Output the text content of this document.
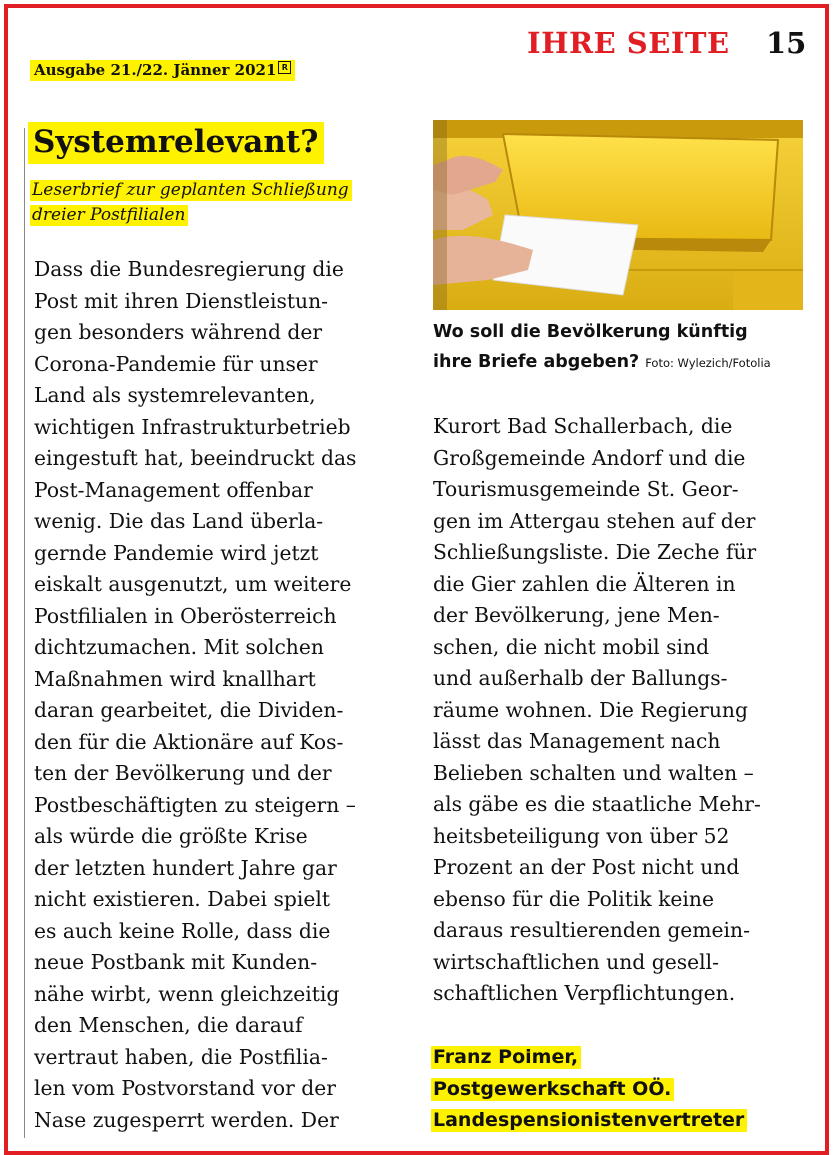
Ausgabe 21./22. Jänner 2021 R
IHRE SEITE 15
Systemrelevant?
Leserbrief zur geplanten Schließung
dreier Postfilialen
Dass die Bundesregierung die
Post mit ihren Dienstleistun-
gen besonders während der
Corona-Pandemie für unser
Land als systemrelevanten,
wichtigen Infrastrukturbetrieb
eingestuft hat, beeindruckt das
Post-Management offenbar
wenig. Die das Land überla-
gernde Pandemie wird jetzt
eiskalt ausgenutzt, um weitere
Postfilialen in Oberösterreich
dichtzumachen. Mit solchen
Maßnahmen wird knallhart
daran gearbeitet, die Dividen-
den für die Aktionäre auf Kos-
ten der Bevölkerung und der
Postbeschäftigten zu steigern –
als würde die größte Krise
der letzten hundert Jahre gar
nicht existieren. Dabei spielt
es auch keine Rolle, dass die
neue Postbank mit Kunden-
nähe wirbt, wenn gleichzeitig
den Menschen, die darauf
vertraut haben, die Postfilia-
len vom Postvorstand vor der
Nase zugesperrt werden. Der
Wo soll die Bevölkerung künftig
ihre Briefe abgeben? Foto: Wylezich/Fotolia
Kurort Bad Schallerbach, die
Großgemeinde Andorf und die
Tourismusgemeinde St. Geor-
gen im Attergau stehen auf der
Schließungsliste. Die Zeche für
die Gier zahlen die Älteren in
der Bevölkerung, jene Men-
schen, die nicht mobil sind
und außerhalb der Ballungs-
räume wohnen. Die Regierung
lässt das Management nach
Belieben schalten und walten –
als gäbe es die staatliche Mehr-
heitsbeteiligung von über 52
Prozent an der Post nicht und
ebenso für die Politik keine
daraus resultierenden gemein-
wirtschaftlichen und gesell-
schaftlichen Verpflichtungen.
Franz Poimer,
Postgewerkschaft OÖ.
Landespensionistenvertreter
